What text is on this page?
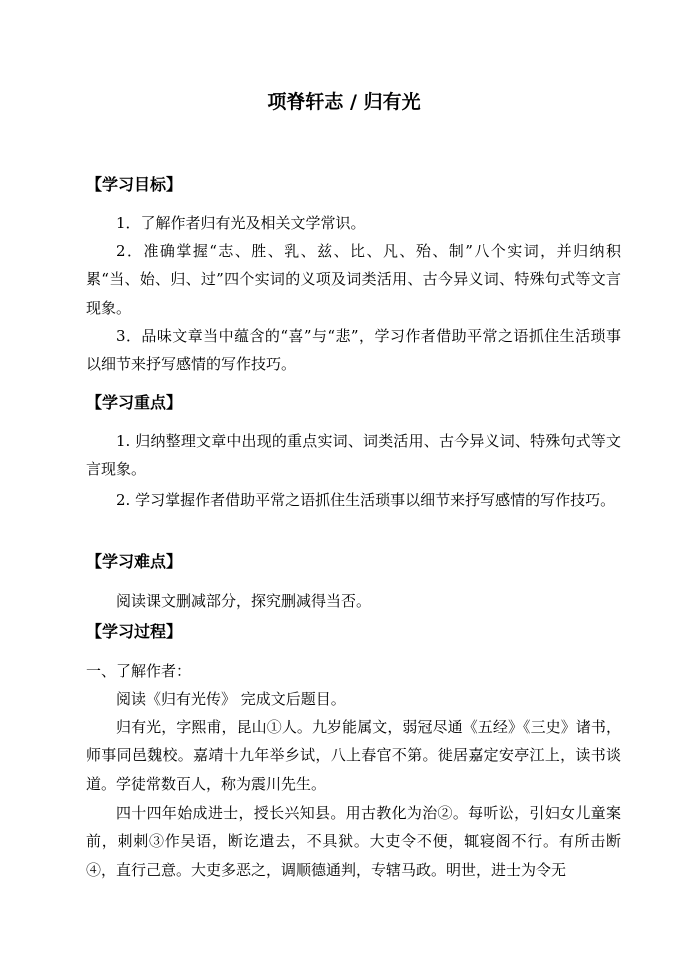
项脊轩志 / 归有光
【学习目标】
1．了解作者归有光及相关文学常识。
2．准确掌握“志、胜、乳、兹、比、凡、殆、制”八个实词，并归纳积累“当、始、归、过”四个实词的义项及词类活用、古今异义词、特殊句式等文言现象。
3．品味文章当中蕴含的“喜”与“悲”，学习作者借助平常之语抓住生活琐事以细节来抒写感情的写作技巧。
【学习重点】
1. 归纳整理文章中出现的重点实词、词类活用、古今异义词、特殊句式等文言现象。
2. 学习掌握作者借助平常之语抓住生活琐事以细节来抒写感情的写作技巧。
【学习难点】
阅读课文删减部分，探究删减得当否。
【学习过程】
一、了解作者：
阅读《归有光传》 完成文后题目。
归有光，字熙甫，昆山①人。九岁能属文，弱冠尽通《五经》《三史》诸书，师事同邑魏校。嘉靖十九年举乡试，八上春官不第。徙居嘉定安亭江上，读书谈道。学徒常数百人，称为震川先生。
四十四年始成进士，授长兴知县。用古教化为治②。每听讼，引妇女儿童案前，刺刺③作吴语，断讫遣去，不具狱。大吏令不便，辄寝阁不行。有所击断④，直行己意。大吏多恶之，调顺德通判，专辖马政。明世，进士为令无
